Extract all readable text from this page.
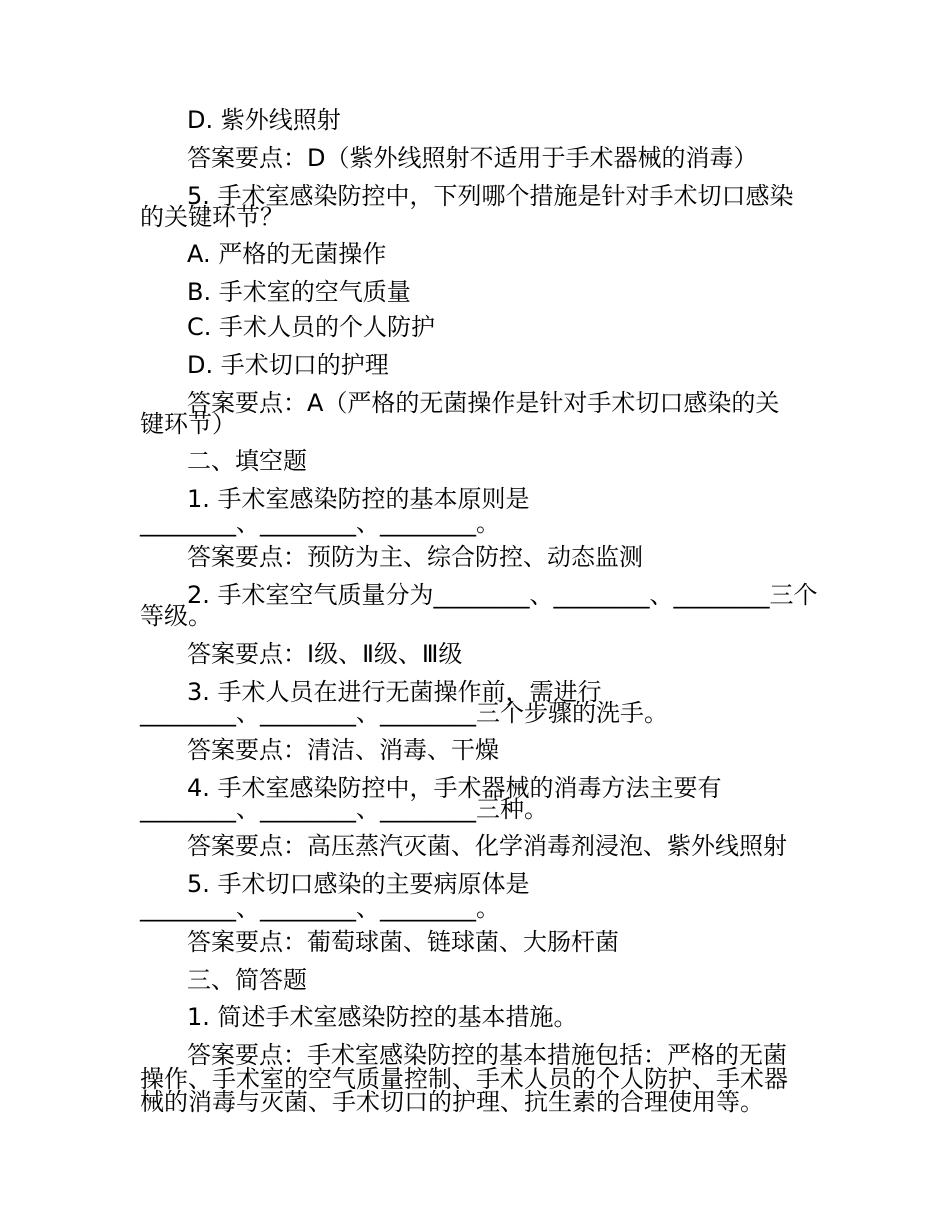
D. 紫外线照射
答案要点：D（紫外线照射不适用于手术器械的消毒）
5. 手术室感染防控中，下列哪个措施是针对手术切口感染
的关键环节？
A. 严格的无菌操作
B. 手术室的空气质量
C. 手术人员的个人防护
D. 手术切口的护理
答案要点：A（严格的无菌操作是针对手术切口感染的关
键环节）
二、填空题
1. 手术室感染防控的基本原则是
________、________、________。
答案要点：预防为主、综合防控、动态监测
2. 手术室空气质量分为________、________、________三个
等级。
答案要点：Ⅰ级、Ⅱ级、Ⅲ级
3. 手术人员在进行无菌操作前，需进行
________、________、________三个步骤的洗手。
答案要点：清洁、消毒、干燥
4. 手术室感染防控中，手术器械的消毒方法主要有
________、________、________三种。
答案要点：高压蒸汽灭菌、化学消毒剂浸泡、紫外线照射
5. 手术切口感染的主要病原体是
________、________、________。
答案要点：葡萄球菌、链球菌、大肠杆菌
三、简答题
1. 简述手术室感染防控的基本措施。
答案要点：手术室感染防控的基本措施包括：严格的无菌
操作、手术室的空气质量控制、手术人员的个人防护、手术器
械的消毒与灭菌、手术切口的护理、抗生素的合理使用等。
